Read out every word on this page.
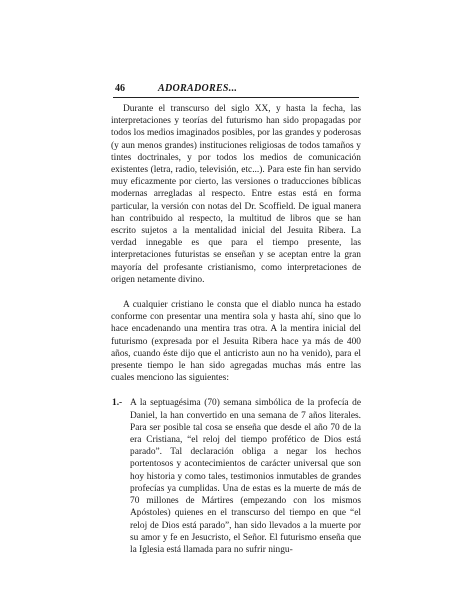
46	ADORADORES...

Durante el transcurso del siglo XX, y hasta la fecha, las interpretaciones y teorías del futurismo han sido propagadas por todos los medios imaginados posibles, por las grandes y poderosas (y aun menos grandes) instituciones religiosas de todos tamaños y tintes doctrinales, y por todos los medios de comunicación existentes (letra, radio, televisión, etc...). Para este fin han servido muy eficazmente por cierto, las versiones o traducciones bíblicas modernas arregladas al respecto. Entre estas está en forma particular, la versión con notas del Dr. Scoffield. De igual manera han contribuido al respecto, la multitud de libros que se han escrito sujetos a la mentalidad inicial del Jesuita Ribera. La verdad innegable es que para el tiempo presente, las interpretaciones futuristas se enseñan y se aceptan entre la gran mayoría del profesante cristianismo, como interpretaciones de origen netamente divino.

A cualquier cristiano le consta que el diablo nunca ha estado conforme con presentar una mentira sola y hasta ahí, sino que lo hace encadenando una mentira tras otra. A la mentira inicial del futurismo (expresada por el Jesuita Ribera hace ya más de 400 años, cuando éste dijo que el anticristo aun no ha venido), para el presente tiempo le han sido agregadas muchas más entre las cuales menciono las siguientes:

1.- A la septuagésima (70) semana simbólica de la profecía de Daniel, la han convertido en una semana de 7 años literales. Para ser posible tal cosa se enseña que desde el año 70 de la era Cristiana, “el reloj del tiempo profético de Dios está parado”. Tal declaración obliga a negar los hechos portentosos y acontecimientos de carácter universal que son hoy historia y como tales, testimonios inmutables de grandes profecías ya cumplidas. Una de estas es la muerte de más de 70 millones de Mártires (empezando con los mismos Apóstoles) quienes en el transcurso del tiempo en que “el reloj de Dios está parado”, han sido llevados a la muerte por su amor y fe en Jesucristo, el Señor. El futurismo enseña que la Iglesia está llamada para no sufrir ningu-
